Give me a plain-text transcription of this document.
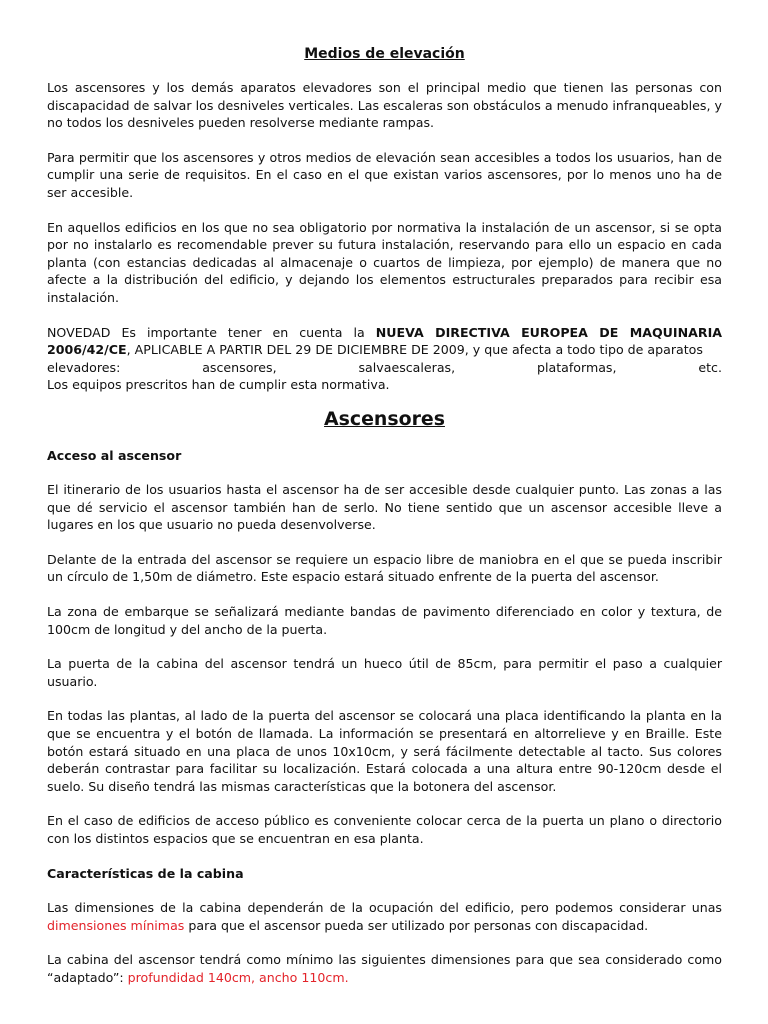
Medios de elevación

Los ascensores y los demás aparatos elevadores son el principal medio que tienen las personas con discapacidad de salvar los desniveles verticales. Las escaleras son obstáculos a menudo infranqueables, y no todos los desniveles pueden resolverse mediante rampas.

Para permitir que los ascensores y otros medios de elevación sean accesibles a todos los usuarios, han de cumplir una serie de requisitos. En el caso en el que existan varios ascensores, por lo menos uno ha de ser accesible.

En aquellos edificios en los que no sea obligatorio por normativa la instalación de un ascensor, si se opta por no instalarlo es recomendable prever su futura instalación, reservando para ello un espacio en cada planta (con estancias dedicadas al almacenaje o cuartos de limpieza, por ejemplo) de manera que no afecte a la distribución del edificio, y dejando los elementos estructurales preparados para recibir esa instalación.

NOVEDAD Es importante tener en cuenta la NUEVA DIRECTIVA EUROPEA DE MAQUINARIA 2006/42/CE, APLICABLE A PARTIR DEL 29 DE DICIEMBRE DE 2009, y que afecta a todo tipo de aparatos
elevadores:	ascensores,	salvaescaleras,	plataformas,	etc.
Los equipos prescritos han de cumplir esta normativa.

Ascensores
Acceso al ascensor

El itinerario de los usuarios hasta el ascensor ha de ser accesible desde cualquier punto. Las zonas a las que dé servicio el ascensor también han de serlo. No tiene sentido que un ascensor accesible lleve a lugares en los que usuario no pueda desenvolverse.

Delante de la entrada del ascensor se requiere un espacio libre de maniobra en el que se pueda inscribir un círculo de 1,50m de diámetro. Este espacio estará situado enfrente de la puerta del ascensor.

La zona de embarque se señalizará mediante bandas de pavimento diferenciado en color y textura, de 100cm de longitud y del ancho de la puerta.

La puerta de la cabina del ascensor tendrá un hueco útil de 85cm, para permitir el paso a cualquier usuario.

En todas las plantas, al lado de la puerta del ascensor se colocará una placa identificando la planta en la que se encuentra y el botón de llamada. La información se presentará en altorrelieve y en Braille. Este botón estará situado en una placa de unos 10x10cm, y será fácilmente detectable al tacto. Sus colores deberán contrastar para facilitar su localización. Estará colocada a una altura entre 90-120cm desde el suelo. Su diseño tendrá las mismas características que la botonera del ascensor.

En el caso de edificios de acceso público es conveniente colocar cerca de la puerta un plano o directorio con los distintos espacios que se encuentran en esa planta.

Características de la cabina

Las dimensiones de la cabina dependerán de la ocupación del edificio, pero podemos considerar unas dimensiones mínimas para que el ascensor pueda ser utilizado por personas con discapacidad.

La cabina del ascensor tendrá como mínimo las siguientes dimensiones para que sea considerado como “adaptado”: profundidad 140cm, ancho 110cm.
